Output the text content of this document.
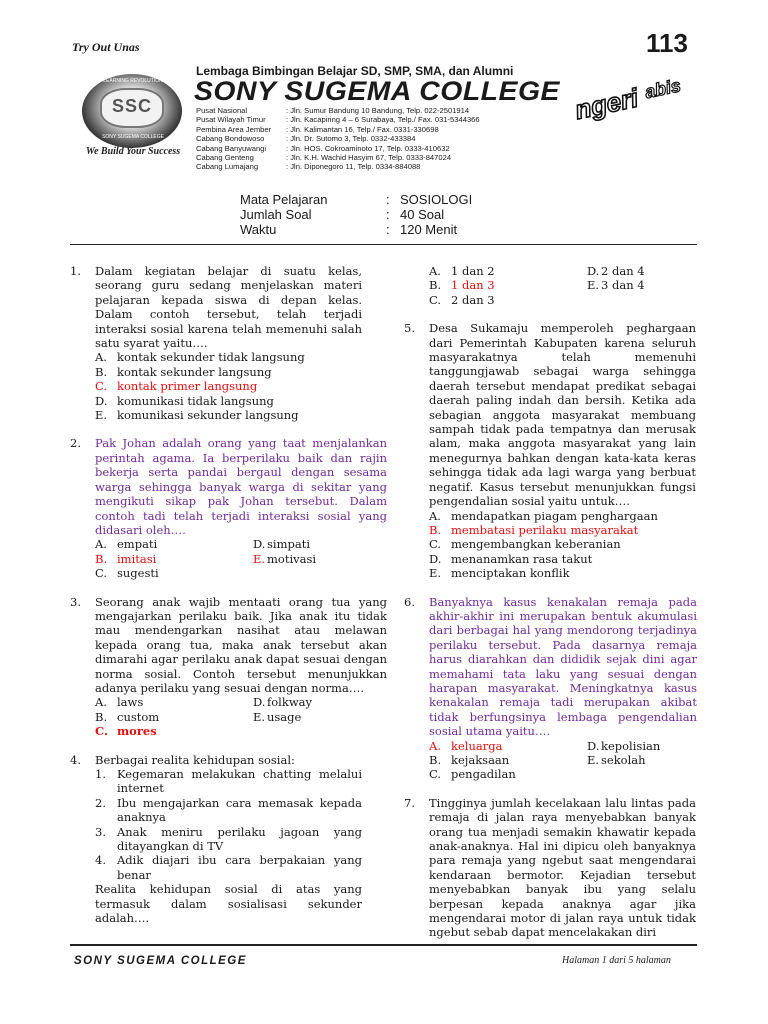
Try Out Unas	113
"LEARNING REVOLUTION"
SSC
SONY SUGEMA COLLEGE
We Build Your Success
Lembaga Bimbingan Belajar SD, SMP, SMA, dan Alumni
SONY SUGEMA COLLEGE
Pusat Nasional	: Jln. Sumur Bandung 10 Bandung, Telp. 022-2501914
Pusat Wilayah Timur	: Jln. Kacapiring 4 – 6 Surabaya, Telp./ Fax. 031-5344366
Pembina Area Jember	: Jln. Kalimantan 16, Telp./ Fax. 0331-330698
Cabang Bondowoso	: Jln. Dr. Sutomo 3, Telp. 0332-433384
Cabang Banyuwangi	: Jln. HOS. Cokroaminoto 17, Telp. 0333-410632
Cabang Genteng	: Jln. K.H. Wachid Hasyim 67, Telp. 0333-847024
Cabang Lumajang	: Jln. Diponegoro 11, Telp. 0334-884088
ngeri abis
Mata Pelajaran	: SOSIOLOGI
Jumlah Soal	: 40 Soal
Waktu	: 120 Menit
1.	Dalam kegiatan belajar di suatu kelas, seorang guru sedang menjelaskan materi pelajaran kepada siswa di depan kelas. Dalam contoh tersebut, telah terjadi interaksi sosial karena telah memenuhi salah satu syarat yaitu….
A. kontak sekunder tidak langsung
B. kontak sekunder langsung
C. kontak primer langsung
D. komunikasi tidak langsung
E. komunikasi sekunder langsung
2.	Pak Johan adalah orang yang taat menjalankan perintah agama. Ia berperilaku baik dan rajin bekerja serta pandai bergaul dengan sesama warga sehingga banyak warga di sekitar yang mengikuti sikap pak Johan tersebut. Dalam contoh tadi telah terjadi interaksi sosial yang didasari oleh….
A. empati	D. simpati
B. imitasi	E. motivasi
C. sugesti
3.	Seorang anak wajib mentaati orang tua yang mengajarkan perilaku baik. Jika anak itu tidak mau mendengarkan nasihat atau melawan kepada orang tua, maka anak tersebut akan dimarahi agar perilaku anak dapat sesuai dengan norma sosial. Contoh tersebut menunjukkan adanya perilaku yang sesuai dengan norma….
A. laws	D. folkway
B. custom	E. usage
C. mores
4.	Berbagai realita kehidupan sosial:
1. Kegemaran melakukan chatting melalui internet
2. Ibu mengajarkan cara memasak kepada anaknya
3. Anak meniru perilaku jagoan yang ditayangkan di TV
4. Adik diajari ibu cara berpakaian yang benar
Realita kehidupan sosial di atas yang termasuk dalam sosialisasi sekunder adalah….
A. 1 dan 2	D. 2 dan 4
B. 1 dan 3	E. 3 dan 4
C. 2 dan 3
5.	Desa Sukamaju memperoleh peghargaan dari Pemerintah Kabupaten karena seluruh masyarakatnya telah memenuhi tanggungjawab sebagai warga sehingga daerah tersebut mendapat predikat sebagai daerah paling indah dan bersih. Ketika ada sebagian anggota masyarakat membuang sampah tidak pada tempatnya dan merusak alam, maka anggota masyarakat yang lain menegurnya bahkan dengan kata-kata keras sehingga tidak ada lagi warga yang berbuat negatif. Kasus tersebut menunjukkan fungsi pengendalian sosial yaitu untuk….
A. mendapatkan piagam penghargaan
B. membatasi perilaku masyarakat
C. mengembangkan keberanian
D. menanamkan rasa takut
E. menciptakan konflik
6.	Banyaknya kasus kenakalan remaja pada akhir-akhir ini merupakan bentuk akumulasi dari berbagai hal yang mendorong terjadinya perilaku tersebut. Pada dasarnya remaja harus diarahkan dan dididik sejak dini agar memahami tata laku yang sesuai dengan harapan masyarakat. Meningkatnya kasus kenakalan remaja tadi merupakan akibat tidak berfungsinya lembaga pengendalian sosial utama yaitu….
A. keluarga	D. kepolisian
B. kejaksaan	E. sekolah
C. pengadilan
7.	Tingginya jumlah kecelakaan lalu lintas pada remaja di jalan raya menyebabkan banyak orang tua menjadi semakin khawatir kepada anak-anaknya. Hal ini dipicu oleh banyaknya para remaja yang ngebut saat mengendarai kendaraan bermotor. Kejadian tersebut menyebabkan banyak ibu yang selalu berpesan kepada anaknya agar jika mengendarai motor di jalan raya untuk tidak ngebut sebab dapat mencelakakan diri
SONY SUGEMA COLLEGE	Halaman 1 dari 5 halaman
